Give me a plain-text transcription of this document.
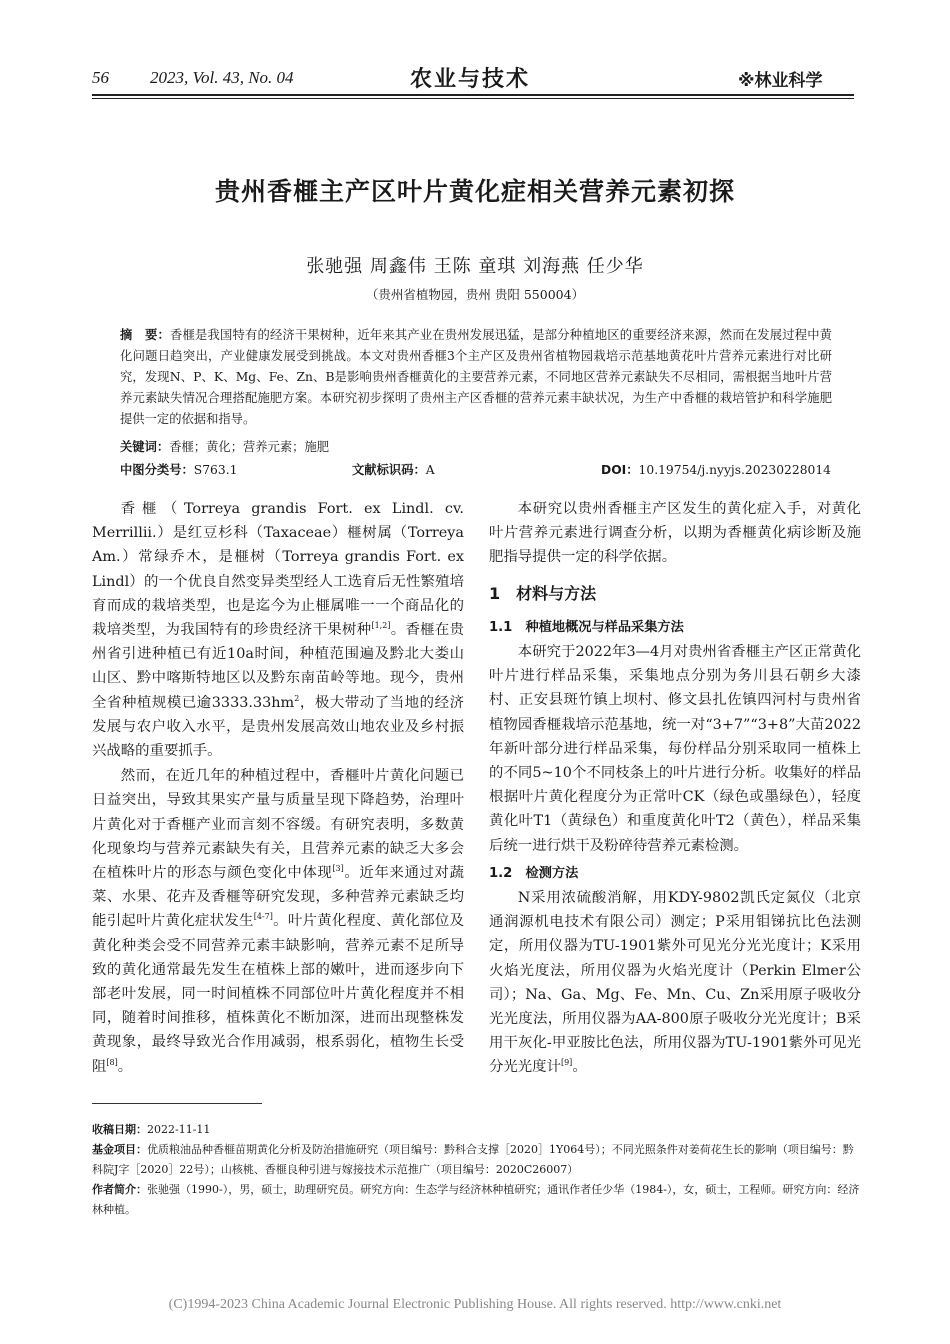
56 2023, Vol. 43, No. 04	农业与技术	※林业科学
贵州香榧主产区叶片黄化症相关营养元素初探
张驰强 周鑫伟 王陈 童琪 刘海燕 任少华
（贵州省植物园，贵州 贵阳 550004）
摘　要：香榧是我国特有的经济干果树种，近年来其产业在贵州发展迅猛，是部分种植地区的重要经济来源，然而在发展过程中黄化问题日趋突出，产业健康发展受到挑战。本文对贵州香榧3个主产区及贵州省植物园栽培示范基地黄花叶片营养元素进行对比研究，发现N、P、K、Mg、Fe、Zn、B是影响贵州香榧黄化的主要营养元素，不同地区营养元素缺失不尽相同，需根据当地叶片营养元素缺失情况合理搭配施肥方案。本研究初步探明了贵州主产区香榧的营养元素丰缺状况，为生产中香榧的栽培管护和科学施肥提供一定的依据和指导。
关键词：香榧；黄化；营养元素；施肥
中图分类号：S763.1	文献标识码：A	DOI：10.19754/j.nyyjs.20230228014

香榧（Torreya grandis Fort. ex Lindl. cv. Merrillii.）是红豆杉科（Taxaceae）榧树属（Torreya Am.）常绿乔木，是榧树（Torreya grandis Fort. ex Lindl）的一个优良自然变异类型经人工选育后无性繁殖培育而成的栽培类型，也是迄今为止榧属唯一一个商品化的栽培类型，为我国特有的珍贵经济干果树种[1,2]。香榧在贵州省引进种植已有近10a时间，种植范围遍及黔北大娄山山区、黔中喀斯特地区以及黔东南苗岭等地。现今，贵州全省种植规模已逾$3333.33hm^2$，极大带动了当地的经济发展与农户收入水平，是贵州发展高效山地农业及乡村振兴战略的重要抓手。

然而，在近几年的种植过程中，香榧叶片黄化问题已日益突出，导致其果实产量与质量呈现下降趋势，治理叶片黄化对于香榧产业而言刻不容缓。有研究表明，多数黄化现象均与营养元素缺失有关，且营养元素的缺乏大多会在植株叶片的形态与颜色变化中体现[3]。近年来通过对蔬菜、水果、花卉及香榧等研究发现，多种营养元素缺乏均能引起叶片黄化症状发生[4-7]。叶片黄化程度、黄化部位及黄化种类会受不同营养元素丰缺影响，营养元素不足所导致的黄化通常最先发生在植株上部的嫩叶，进而逐步向下部老叶发展，同一时间植株不同部位叶片黄化程度并不相同，随着时间推移，植株黄化不断加深，进而出现整株发黄现象，最终导致光合作用减弱，根系弱化，植物生长受阻[8]。

本研究以贵州香榧主产区发生的黄化症入手，对黄化叶片营养元素进行调查分析，以期为香榧黄化病诊断及施肥指导提供一定的科学依据。

1　材料与方法
1.1　种植地概况与样品采集方法

本研究于2022年3—4月对贵州省香榧主产区正常黄化叶片进行样品采集，采集地点分别为务川县石朝乡大漆村、正安县斑竹镇上坝村、修文县扎佐镇四河村与贵州省植物园香榧栽培示范基地，统一对“3+7”“3+8”大苗2022年新叶部分进行样品采集，每份样品分别采取同一植株上的不同5~10个不同枝条上的叶片进行分析。收集好的样品根据叶片黄化程度分为正常叶CK（绿色或墨绿色），轻度黄化叶T1（黄绿色）和重度黄化叶T2（黄色），样品采集后统一进行烘干及粉碎待营养元素检测。

1.2　检测方法

N采用浓硫酸消解，用KDY-9802凯氏定氮仪（北京通润源机电技术有限公司）测定；P采用钼锑抗比色法测定，所用仪器为TU-1901紫外可见光分光光度计；K采用火焰光度法，所用仪器为火焰光度计（Perkin Elmer公司）；Na、Ga、Mg、Fe、Mn、Cu、Zn采用原子吸收分光光度法，所用仪器为AA-800原子吸收分光光度计；B采用干灰化-甲亚胺比色法，所用仪器为TU-1901紫外可见光分光光度计[9]。

收稿日期：2022-11-11
基金项目：优质粮油品种香榧苗期黄化分析及防治措施研究（项目编号：黔科合支撑［2020］1Y064号）；不同光照条件对姜荷花生长的影响（项目编号：黔科院J字［2020］22号）；山核桃、香榧良种引进与嫁接技术示范推广（项目编号：2020C26007）
作者简介：张驰强（1990-），男，硕士，助理研究员。研究方向：生态学与经济林种植研究；通讯作者任少华（1984-），女，硕士，工程师。研究方向：经济林种植。
(C)1994-2023 China Academic Journal Electronic Publishing House. All rights reserved. http://www.cnki.net
